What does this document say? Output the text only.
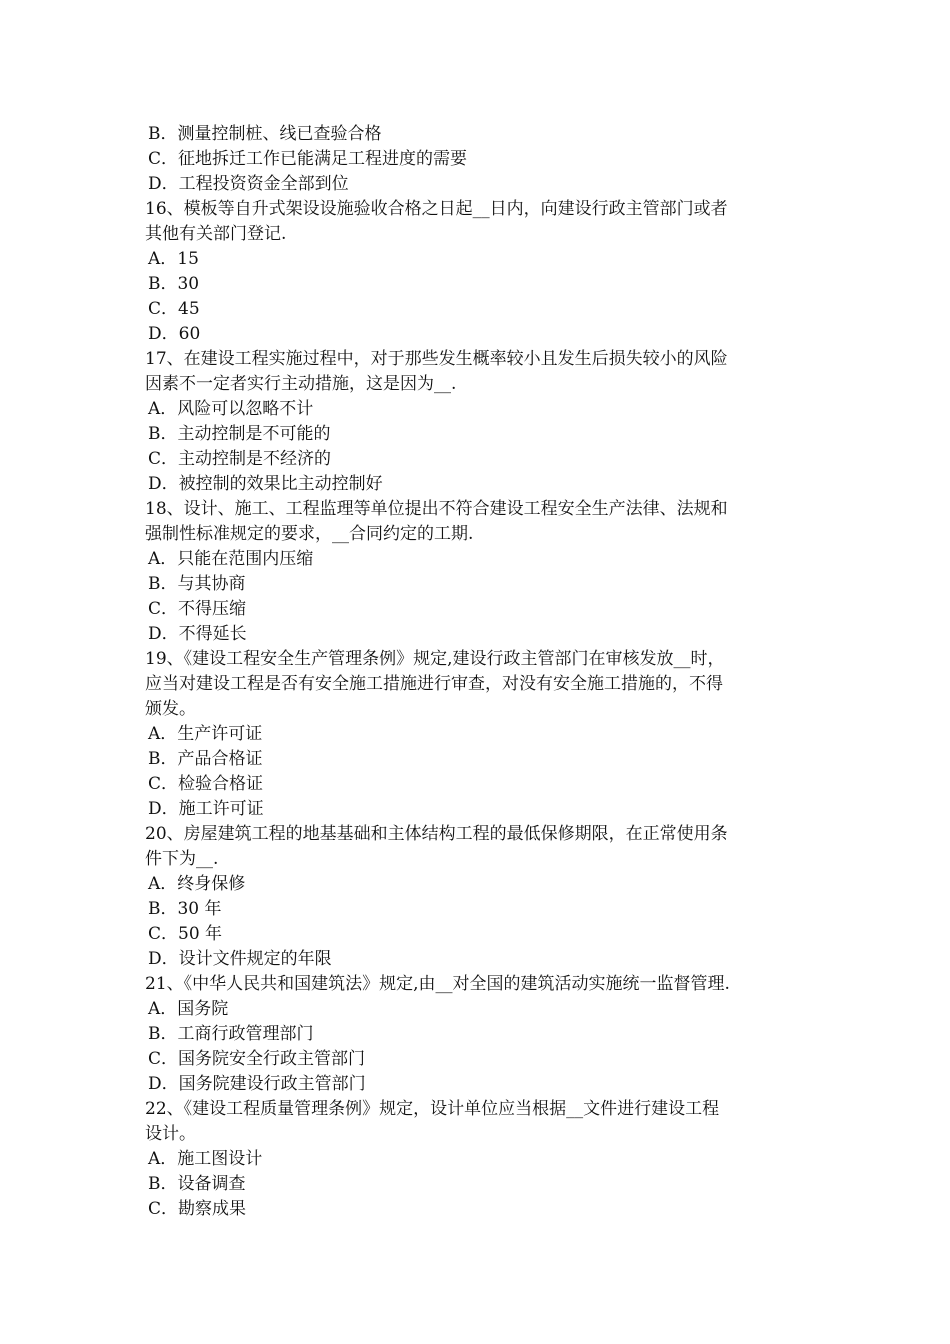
B．测量控制桩、线已查验合格
C．征地拆迁工作已能满足工程进度的需要
D．工程投资资金全部到位
16、模板等自升式架设设施验收合格之日起__日内，向建设行政主管部门或者
其他有关部门登记.
A．15
B．30
C．45
D．60
17、在建设工程实施过程中，对于那些发生概率较小且发生后损失较小的风险
因素不一定者实行主动措施，这是因为__.
A．风险可以忽略不计
B．主动控制是不可能的
C．主动控制是不经济的
D．被控制的效果比主动控制好
18、设计、施工、工程监理等单位提出不符合建设工程安全生产法律、法规和
强制性标准规定的要求，__合同约定的工期.
A．只能在范围内压缩
B．与其协商
C．不得压缩
D．不得延长
19、《建设工程安全生产管理条例》规定,建设行政主管部门在审核发放__时，
应当对建设工程是否有安全施工措施进行审查，对没有安全施工措施的，不得
颁发。
A．生产许可证
B．产品合格证
C．检验合格证
D．施工许可证
20、房屋建筑工程的地基基础和主体结构工程的最低保修期限，在正常使用条
件下为__.
A．终身保修
B．30 年
C．50 年
D．设计文件规定的年限
21、《中华人民共和国建筑法》规定,由__对全国的建筑活动实施统一监督管理.
A．国务院
B．工商行政管理部门
C．国务院安全行政主管部门
D．国务院建设行政主管部门
22、《建设工程质量管理条例》规定，设计单位应当根据__文件进行建设工程
设计。
A．施工图设计
B．设备调查
C．勘察成果
